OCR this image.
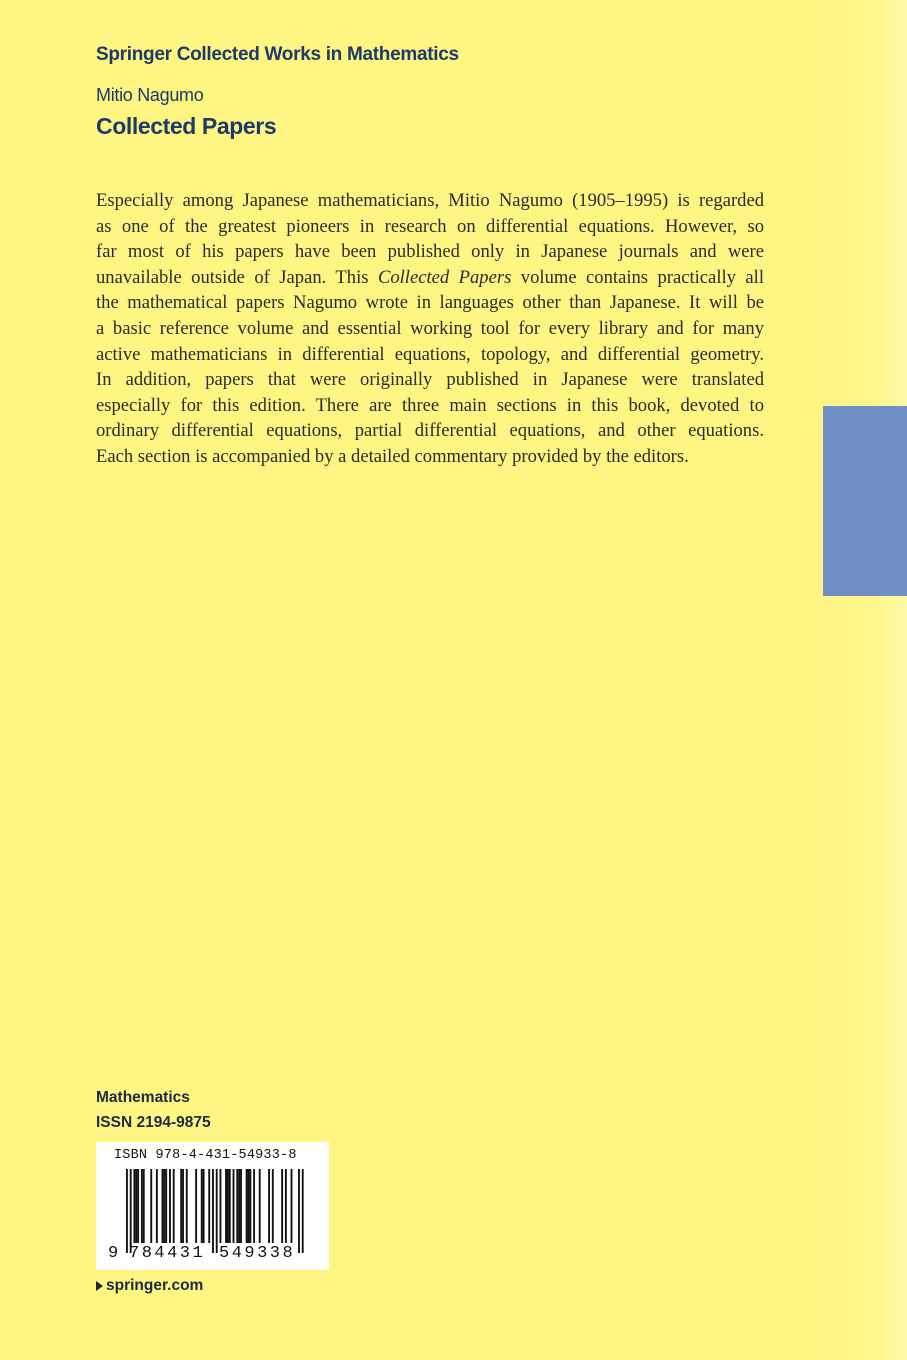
Springer Collected Works in Mathematics
Mitio Nagumo
Collected Papers
Especially among Japanese mathematicians, Mitio Nagumo (1905–1995) is regarded
as one of the greatest pioneers in research on differential equations. However, so
far most of his papers have been published only in Japanese journals and were
unavailable outside of Japan. This Collected Papers volume contains practically all
the mathematical papers Nagumo wrote in languages other than Japanese. It will be
a basic reference volume and essential working tool for every library and for many
active mathematicians in differential equations, topology, and differential geometry.
In addition, papers that were originally published in Japanese were translated
especially for this edition. There are three main sections in this book, devoted to
ordinary differential equations, partial differential equations, and other equations.
Each section is accompanied by a detailed commentary provided by the editors.
Mathematics
ISSN 2194-9875
ISBN 978-4-431-54933-8
9 784431 549338
springer.com
